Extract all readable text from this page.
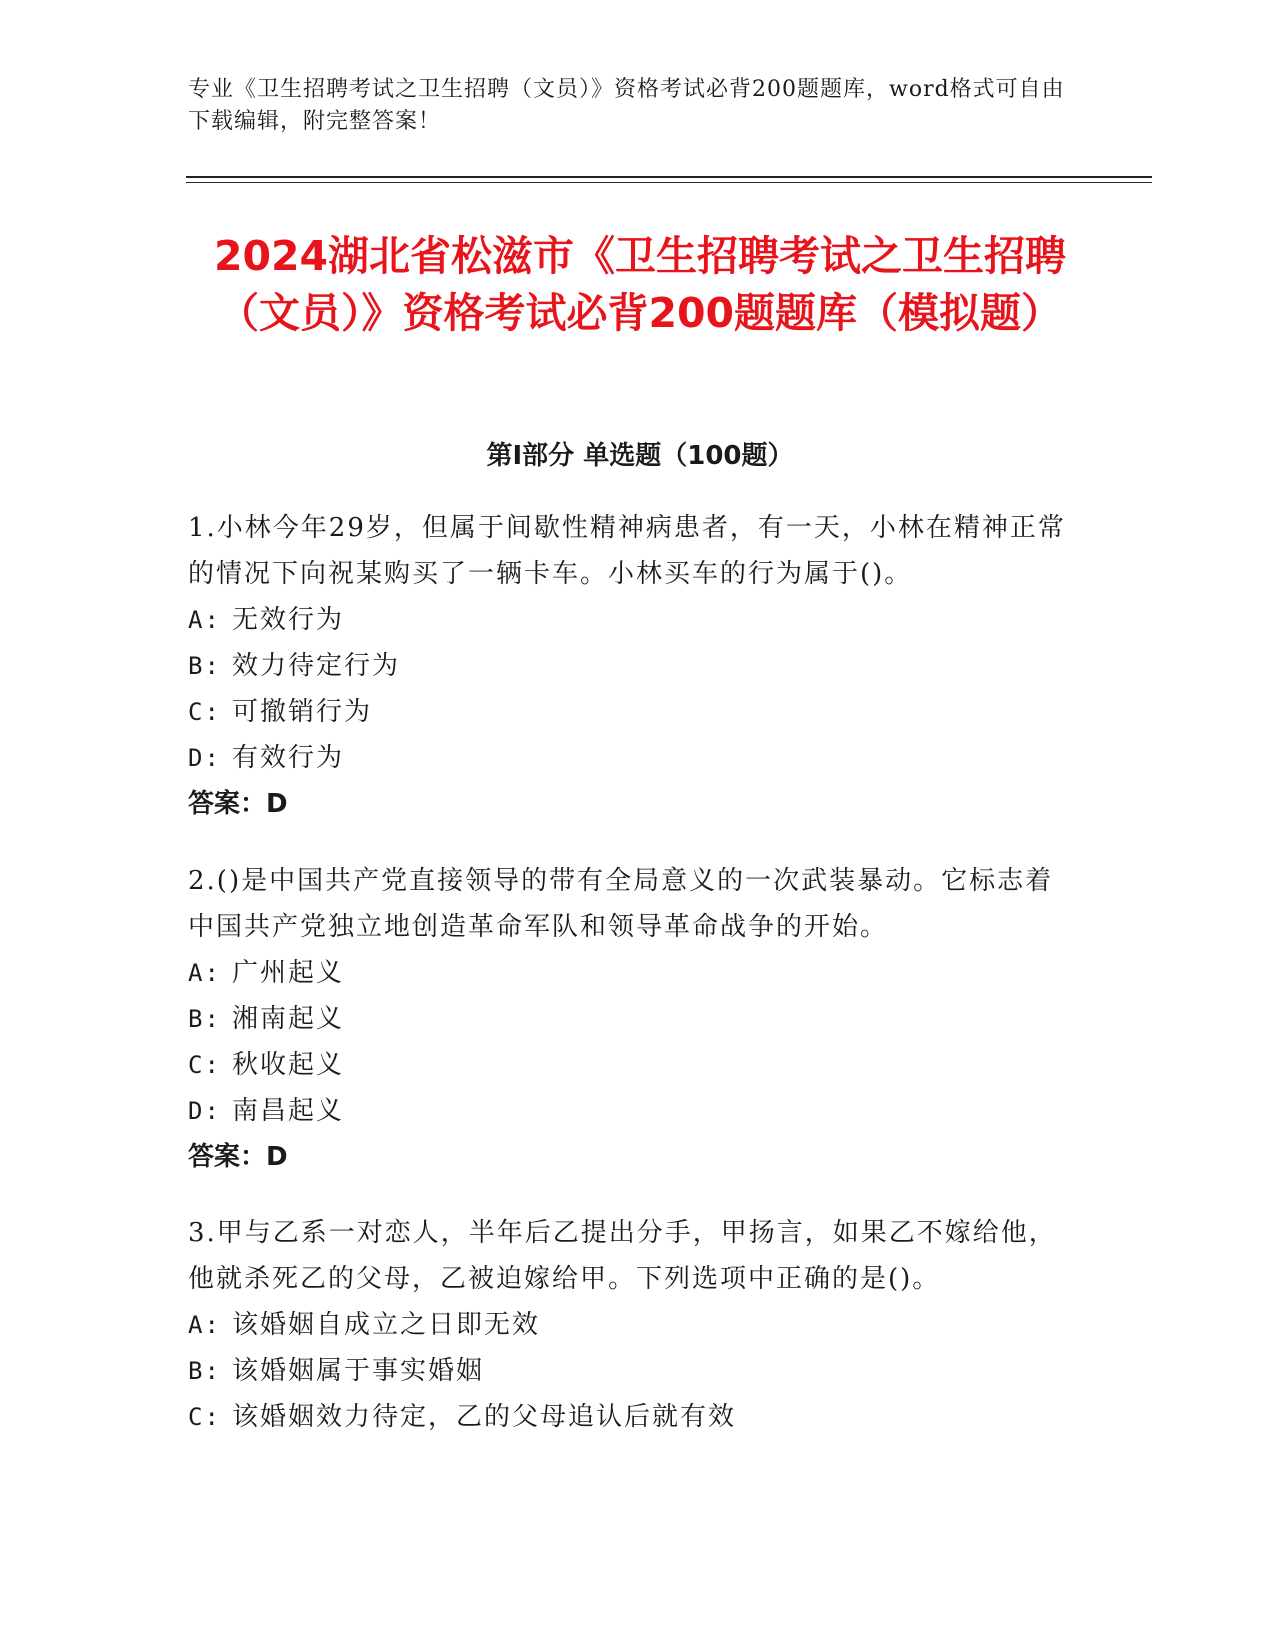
专业《卫生招聘考试之卫生招聘（文员）》资格考试必背200题题库，word格式可自由下载编辑，附完整答案！
2024湖北省松滋市《卫生招聘考试之卫生招聘（文员）》资格考试必背200题题库（模拟题）
第I部分 单选题（100题）
1.小林今年29岁，但属于间歇性精神病患者，有一天，小林在精神正常的情况下向祝某购买了一辆卡车。小林买车的行为属于()。
A: 无效行为
B: 效力待定行为
C: 可撤销行为
D: 有效行为
答案：D
2.()是中国共产党直接领导的带有全局意义的一次武装暴动。它标志着中国共产党独立地创造革命军队和领导革命战争的开始。
A: 广州起义
B: 湘南起义
C: 秋收起义
D: 南昌起义
答案：D
3.甲与乙系一对恋人，半年后乙提出分手，甲扬言，如果乙不嫁给他，他就杀死乙的父母，乙被迫嫁给甲。下列选项中正确的是()。
A: 该婚姻自成立之日即无效
B: 该婚姻属于事实婚姻
C: 该婚姻效力待定，乙的父母追认后就有效
